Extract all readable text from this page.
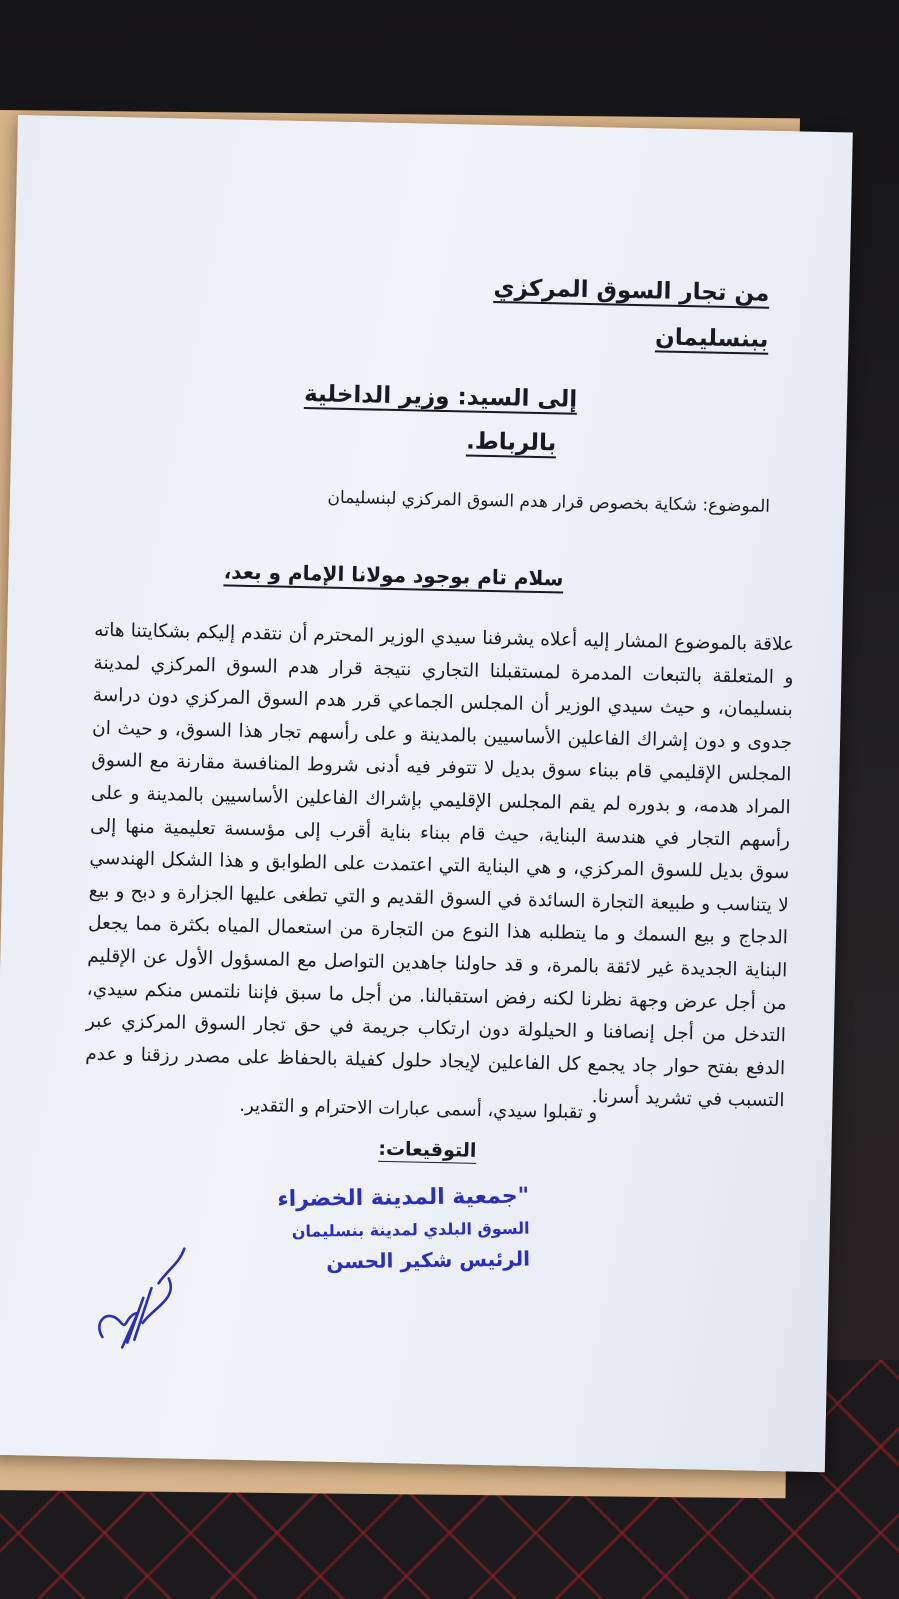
من تجار السوق المركزي
ببنسليمان
إلى السيد: وزير الداخلية
بالرباط.
الموضوع: شكاية بخصوص قرار هدم السوق المركزي لبنسليمان
سلام تام بوجود مولانا الإمام و بعد،
علاقة بالموضوع المشار إليه أعلاه يشرفنا سيدي الوزير المحترم أن نتقدم إليكم بشكايتنا هاته و المتعلقة بالتبعات المدمرة لمستقبلنا التجاري نتيجة قرار هدم السوق المركزي لمدينة بنسليمان، و حيث سيدي الوزير أن المجلس الجماعي قرر هدم السوق المركزي دون دراسة جدوى و دون إشراك الفاعلين الأساسيين بالمدينة و على رأسهم تجار هذا السوق، و حيث ان المجلس الإقليمي قام ببناء سوق بديل لا تتوفر فيه أدنى شروط المنافسة مقارنة مع السوق المراد هدمه، و بدوره لم يقم المجلس الإقليمي بإشراك الفاعلين الأساسيين بالمدينة و على رأسهم التجار في هندسة البناية، حيث قام ببناء بناية أقرب إلى مؤسسة تعليمية منها إلى سوق بديل للسوق المركزي، و هي البناية التي اعتمدت على الطوابق و هذا الشكل الهندسي لا يتناسب و طبيعة التجارة السائدة في السوق القديم و التي تطغى عليها الجزارة و دبح و بيع الدجاج و بيع السمك و ما يتطلبه هذا النوع من التجارة من استعمال المياه بكثرة مما يجعل البناية الجديدة غير لائقة بالمرة، و قد حاولنا جاهدين التواصل مع المسؤول الأول عن الإقليم من أجل عرض وجهة نظرنا لكنه رفض استقبالنا. من أجل ما سبق فإننا نلتمس منكم سيدي، التدخل من أجل إنصافنا و الحيلولة دون ارتكاب جريمة في حق تجار السوق المركزي عبر الدفع بفتح حوار جاد يجمع كل الفاعلين لإيجاد حلول كفيلة بالحفاظ على مصدر رزقنا و عدم التسبب في تشريد أسرنا.
و تقبلوا سيدي، أسمى عبارات الاحترام و التقدير.
التوقيعات:
"جمعية المدينة الخضراء
السوق البلدي لمدينة بنسليمان
الرئيس شكير الحسن
